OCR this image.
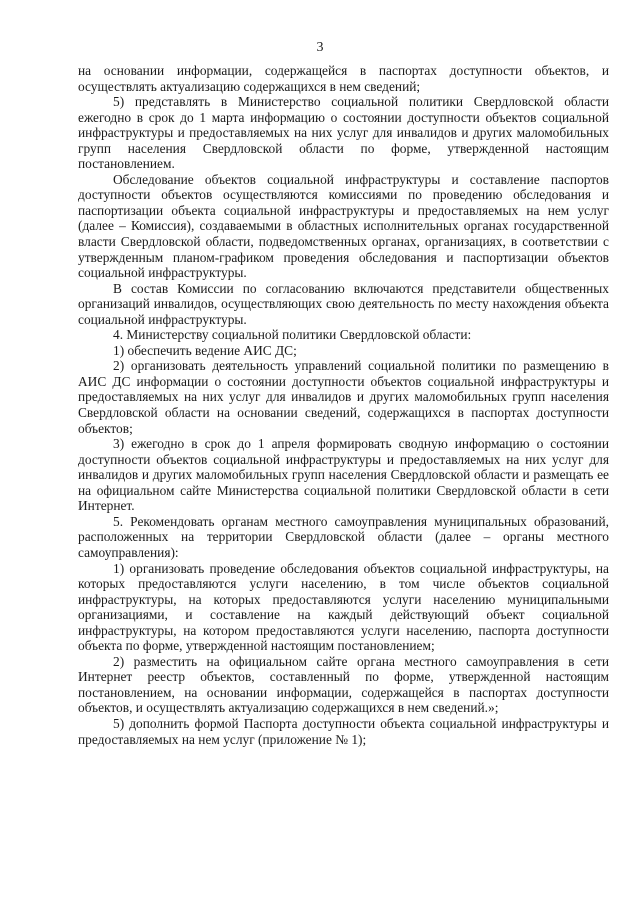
3

на основании информации, содержащейся в паспортах доступности объектов, и осуществлять актуализацию содержащихся в нем сведений;

5) представлять в Министерство социальной политики Свердловской области ежегодно в срок до 1 марта информацию о состоянии доступности объектов социальной инфраструктуры и предоставляемых на них услуг для инвалидов и других маломобильных групп населения Свердловской области по форме, утвержденной настоящим постановлением.

Обследование объектов социальной инфраструктуры и составление паспортов доступности объектов осуществляются комиссиями по проведению обследования и паспортизации объекта социальной инфраструктуры и предоставляемых на нем услуг (далее – Комиссия), создаваемыми в областных исполнительных органах государственной власти Свердловской области, подведомственных органах, организациях, в соответствии с утвержденным планом-графиком проведения обследования и паспортизации объектов социальной инфраструктуры.

В состав Комиссии по согласованию включаются представители общественных организаций инвалидов, осуществляющих свою деятельность по месту нахождения объекта социальной инфраструктуры.

4. Министерству социальной политики Свердловской области:

1) обеспечить ведение АИС ДС;

2) организовать деятельность управлений социальной политики по размещению в АИС ДС информации о состоянии доступности объектов социальной инфраструктуры и предоставляемых на них услуг для инвалидов и других маломобильных групп населения Свердловской области на основании сведений, содержащихся в паспортах доступности объектов;

3) ежегодно в срок до 1 апреля формировать сводную информацию о состоянии доступности объектов социальной инфраструктуры и предоставляемых на них услуг для инвалидов и других маломобильных групп населения Свердловской области и размещать ее на официальном сайте Министерства социальной политики Свердловской области в сети Интернет.

5. Рекомендовать органам местного самоуправления муниципальных образований, расположенных на территории Свердловской области (далее – органы местного самоуправления):

1) организовать проведение обследования объектов социальной инфраструктуры, на которых предоставляются услуги населению, в том числе объектов социальной инфраструктуры, на которых предоставляются услуги населению муниципальными организациями, и составление на каждый действующий объект социальной инфраструктуры, на котором предоставляются услуги населению, паспорта доступности объекта по форме, утвержденной настоящим постановлением;

2) разместить на официальном сайте органа местного самоуправления в сети Интернет реестр объектов, составленный по форме, утвержденной настоящим постановлением, на основании информации, содержащейся в паспортах доступности объектов, и осуществлять актуализацию содержащихся в нем сведений.»;

5) дополнить формой Паспорта доступности объекта социальной инфраструктуры и предоставляемых на нем услуг (приложение № 1);
